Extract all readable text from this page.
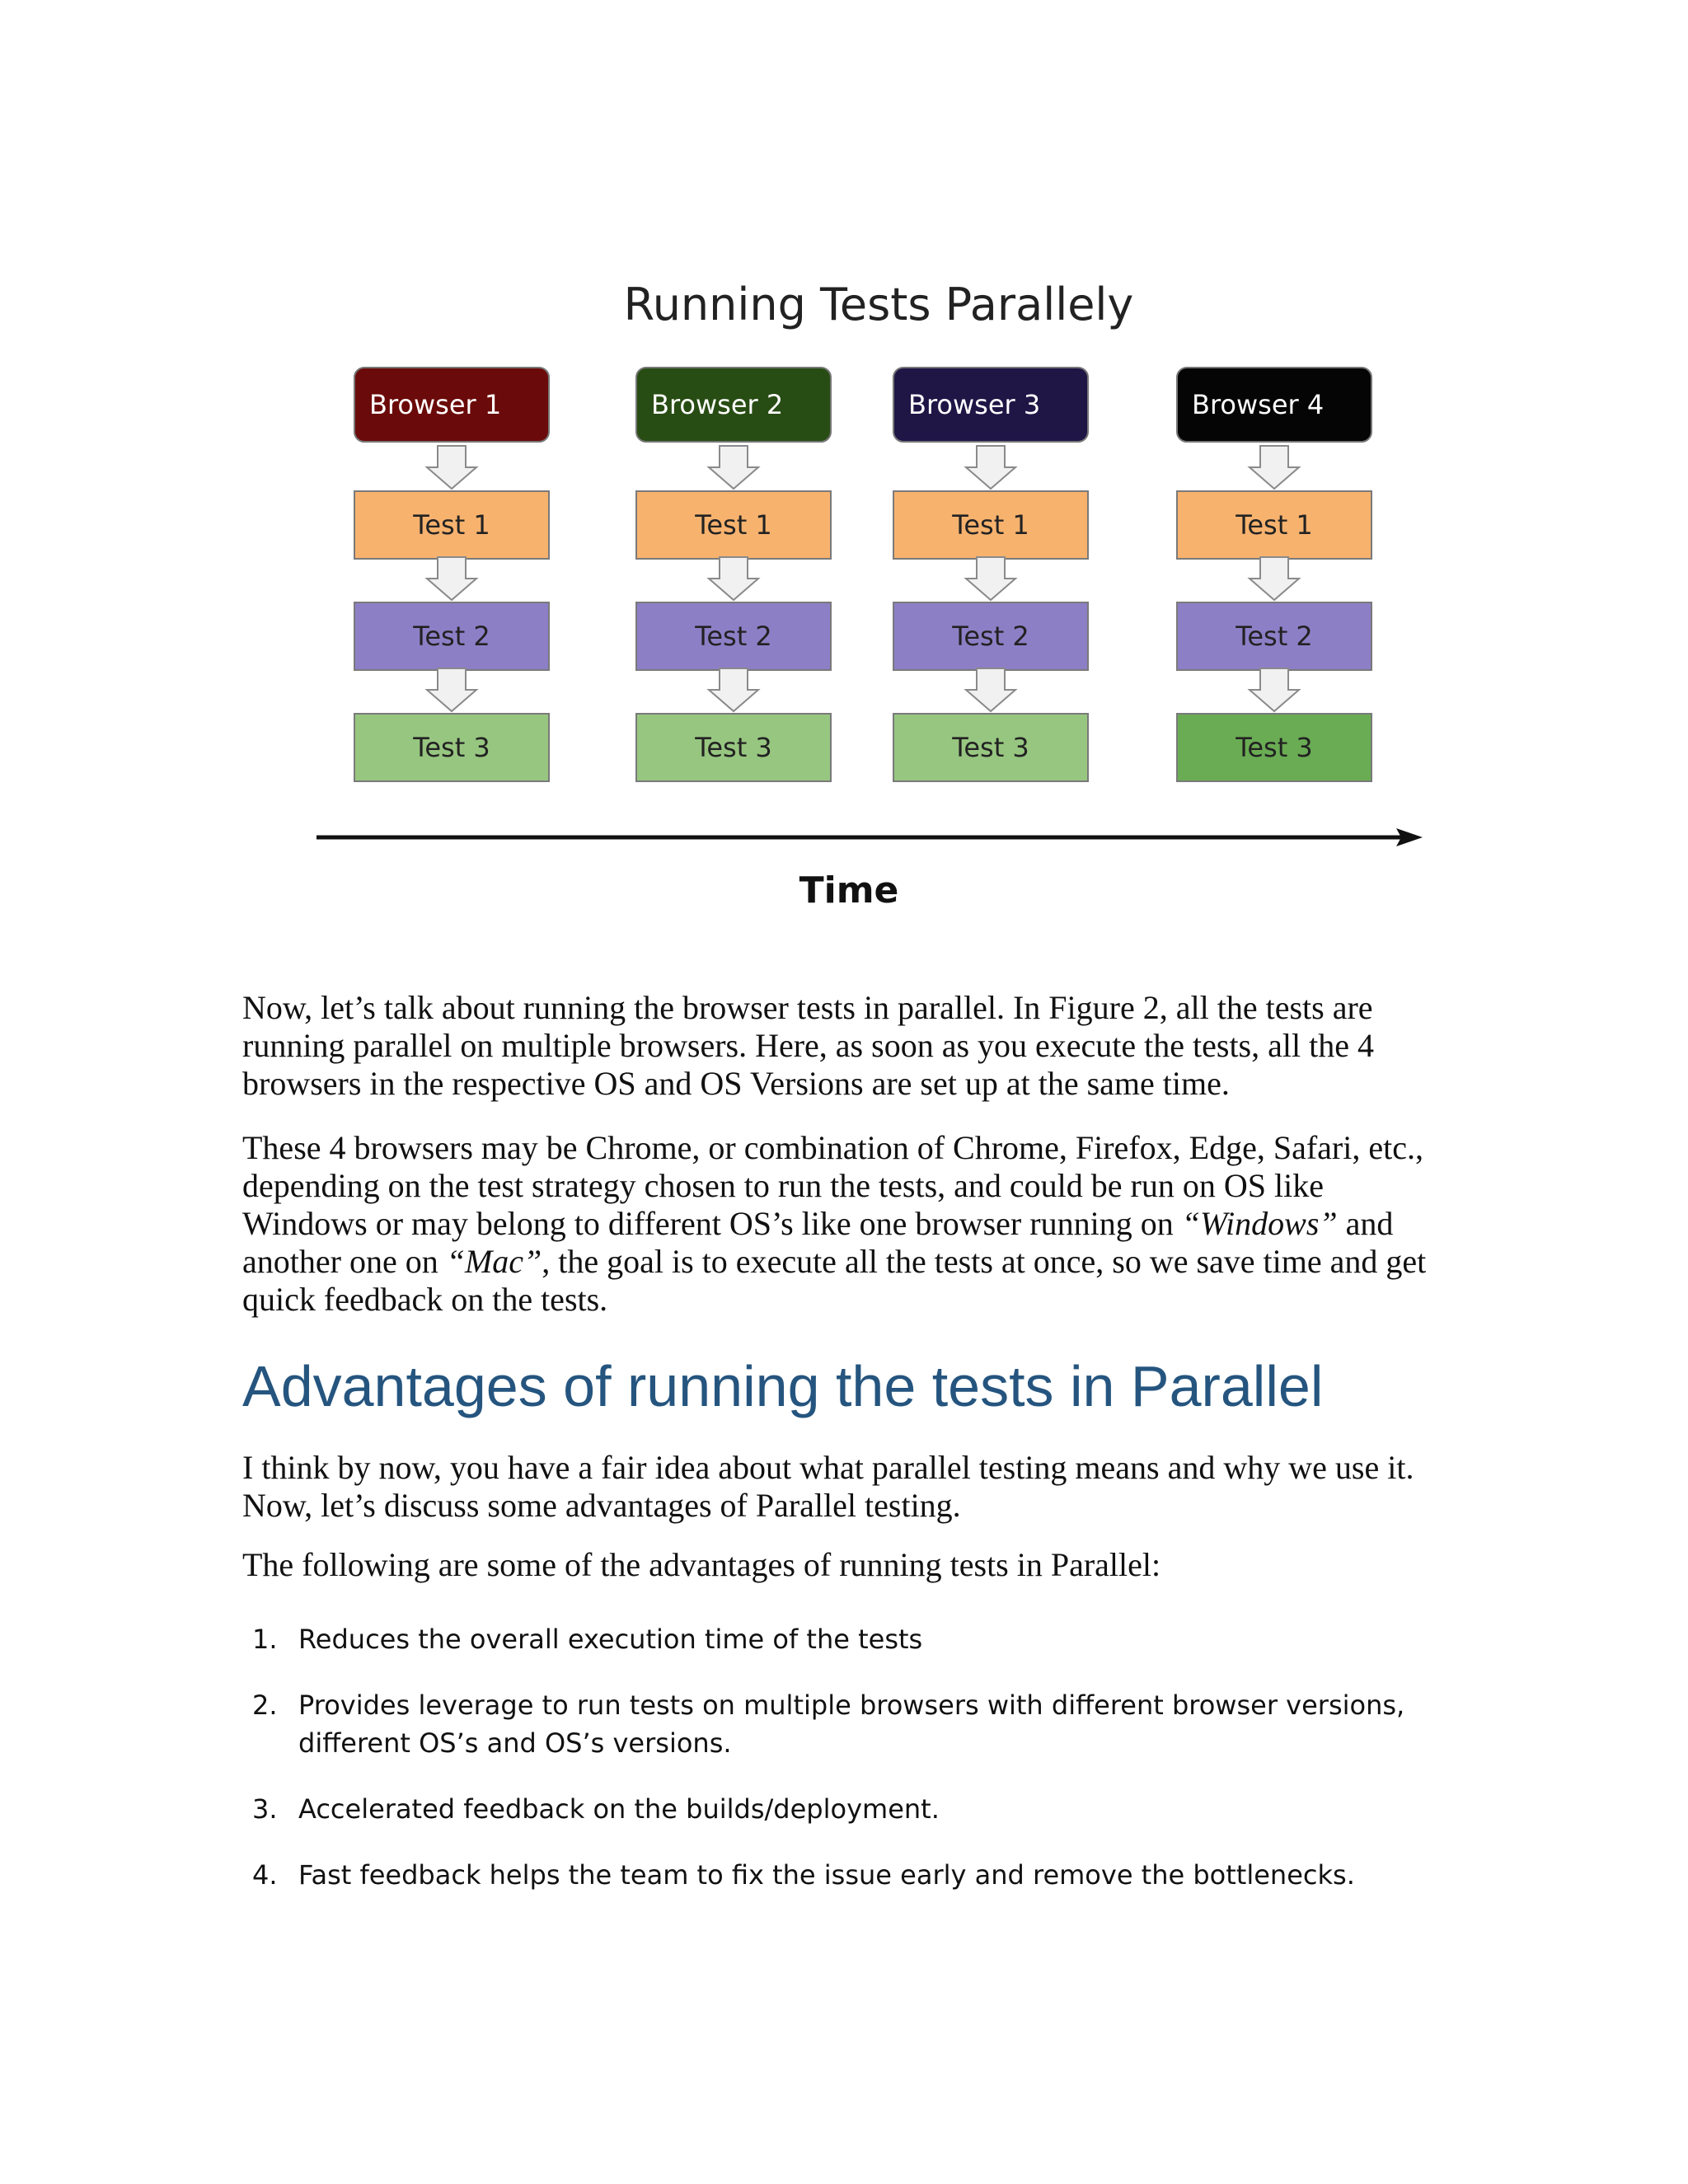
Running Tests Parallely
Browser 1
Test 1
Test 2
Test 3
Browser 2
Test 1
Test 2
Test 3
Browser 3
Test 1
Test 2
Test 3
Browser 4
Test 1
Test 2
Test 3
Time

Now, let’s talk about running the browser tests in parallel. In Figure 2, all the tests are running parallel on multiple browsers. Here, as soon as you execute the tests, all the 4 browsers in the respective OS and OS Versions are set up at the same time.

These 4 browsers may be Chrome, or combination of Chrome, Firefox, Edge, Safari, etc., depending on the test strategy chosen to run the tests, and could be run on OS like Windows or may belong to different OS’s like one browser running on “Windows” and another one on “Mac”, the goal is to execute all the tests at once, so we save time and get quick feedback on the tests.

Advantages of running the tests in Parallel

I think by now, you have a fair idea about what parallel testing means and why we use it. Now, let’s discuss some advantages of Parallel testing.

The following are some of the advantages of running tests in Parallel:

1. Reduces the overall execution time of the tests
2. Provides leverage to run tests on multiple browsers with different browser versions, different OS’s and OS’s versions.
3. Accelerated feedback on the builds/deployment.
4. Fast feedback helps the team to fix the issue early and remove the bottlenecks.
